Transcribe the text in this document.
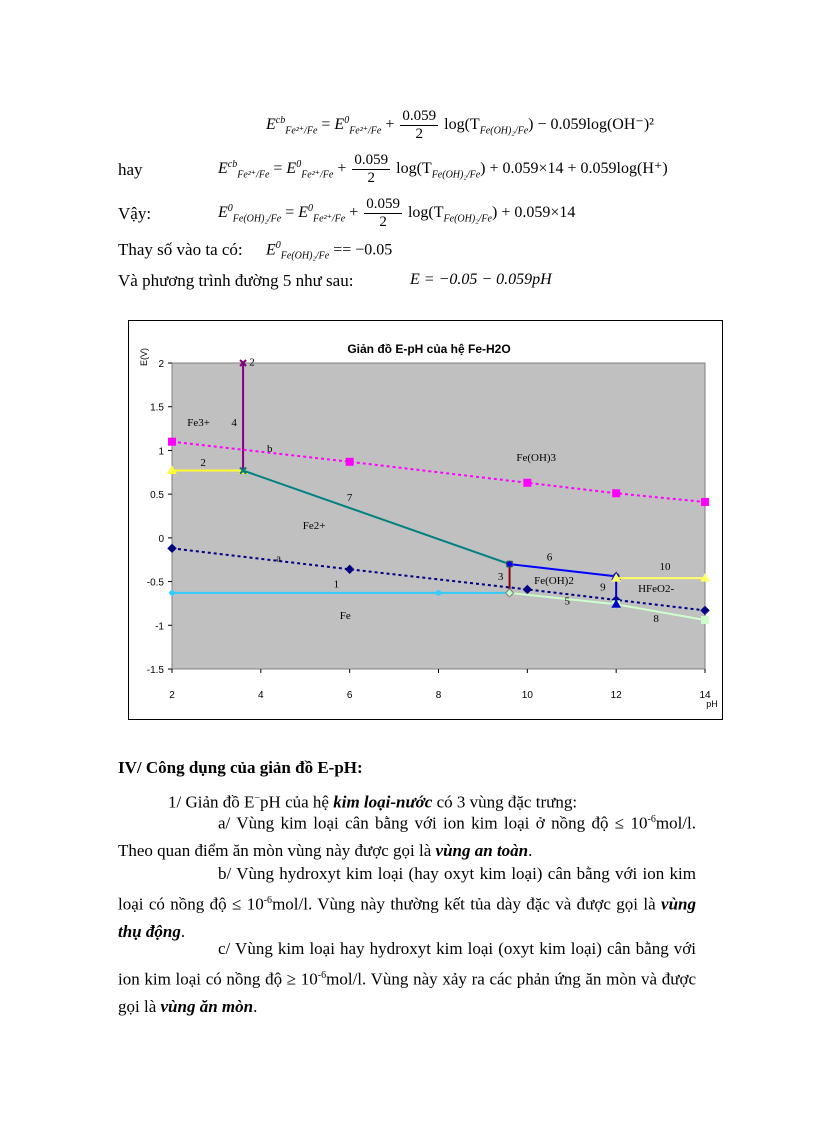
$E^{cb}_{Fe^{2+}/Fe} = E^0_{Fe^{2+}/Fe} + \frac{0.059}{2} \log(T_{Fe(OH)_2/Fe}) - 0.059\log(OH^-)^2$
hay	$E^{cb}_{Fe^{2+}/Fe} = E^0_{Fe^{2+}/Fe} + \frac{0.059}{2} \log(T_{Fe(OH)_2/Fe}) + 0.059\times 14 + 0.059\log(H^+)$
Vậy:	$E^0_{Fe(OH)_2/Fe} = E^0_{Fe^{2+}/Fe} + \frac{0.059}{2} \log(T_{Fe(OH)_2/Fe}) + 0.059\times 14$
Thay số vào ta có: $E^0_{Fe(OH)_2/Fe} == -0.05$
Và phương trình đường 5 như sau:	E = −0.05 − 0.059pH
Giản đồ E-pH của hệ Fe-H2O
E(V)
pH
2
1.5
1
0.5
0
-0.5
-1
-1.5
2	4	6	8	10	12	14
Fe3+ 4
2
b
2	Fe(OH)3
7
Fe2+
a	6
10
3	Fe(OH)2
9	HFeO2-
1
5
Fe	8
IV/ Công dụng của giản đồ E-pH:
1/ Giản đồ E−pH của hệ kim loại-nước có 3 vùng đặc trưng:
a/ Vùng kim loại cân bằng với ion kim loại ở nồng độ ≤ $10^{-6}mol/l$. Theo quan điểm ăn mòn vùng này được gọi là vùng an toàn.
b/ Vùng hydroxyt kim loại (hay oxyt kim loại) cân bằng với ion kim loại có nồng độ ≤ $10^{-6}mol/l$. Vùng này thường kết tủa dày đặc và được gọi là vùng thụ động.
c/ Vùng kim loại hay hydroxyt kim loại (oxyt kim loại) cân bằng với ion kim loại có nồng độ ≥ $10^{-6}mol/l$. Vùng này xảy ra các phản ứng ăn mòn và được gọi là vùng ăn mòn.
